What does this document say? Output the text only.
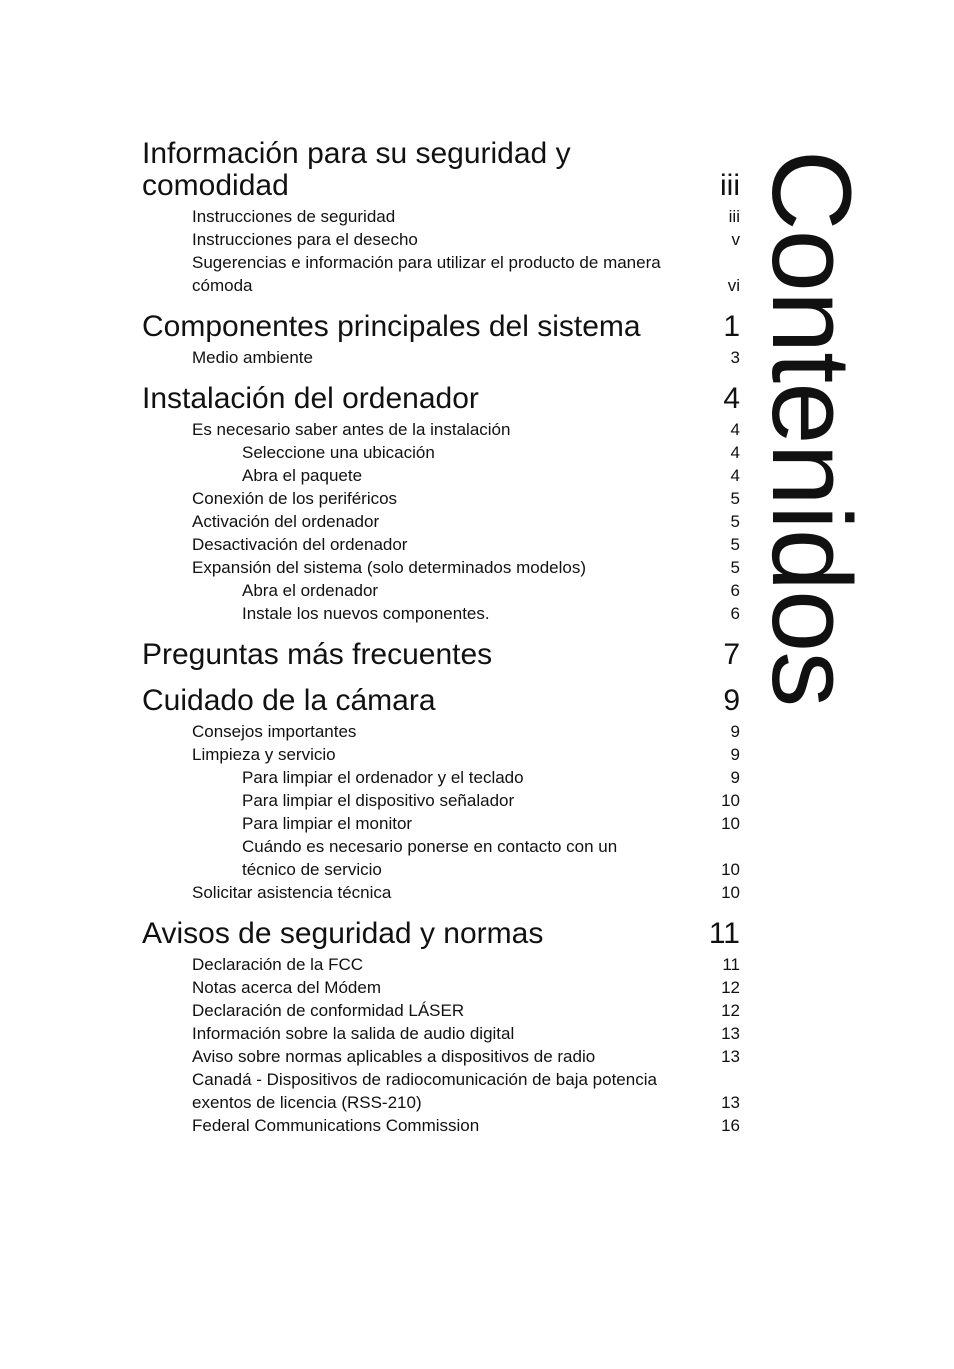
Contenidos
Información para su seguridad y comodidad	iii
Instrucciones de seguridad	iii
Instrucciones para el desecho	v
Sugerencias e información para utilizar el producto de manera cómoda	vi
Componentes principales del sistema	1
Medio ambiente	3
Instalación del ordenador	4
Es necesario saber antes de la instalación	4
Seleccione una ubicación	4
Abra el paquete	4
Conexión de los periféricos	5
Activación del ordenador	5
Desactivación del ordenador	5
Expansión del sistema (solo determinados modelos)	5
Abra el ordenador	6
Instale los nuevos componentes.	6
Preguntas más frecuentes	7
Cuidado de la cámara	9
Consejos importantes	9
Limpieza y servicio	9
Para limpiar el ordenador y el teclado	9
Para limpiar el dispositivo señalador	10
Para limpiar el monitor	10
Cuándo es necesario ponerse en contacto con un técnico de servicio	10
Solicitar asistencia técnica	10
Avisos de seguridad y normas	11
Declaración de la FCC	11
Notas acerca del Módem	12
Declaración de conformidad LÁSER	12
Información sobre la salida de audio digital	13
Aviso sobre normas aplicables a dispositivos de radio	13
Canadá - Dispositivos de radiocomunicación de baja potencia exentos de licencia (RSS-210)	13
Federal Communications Commission	16
